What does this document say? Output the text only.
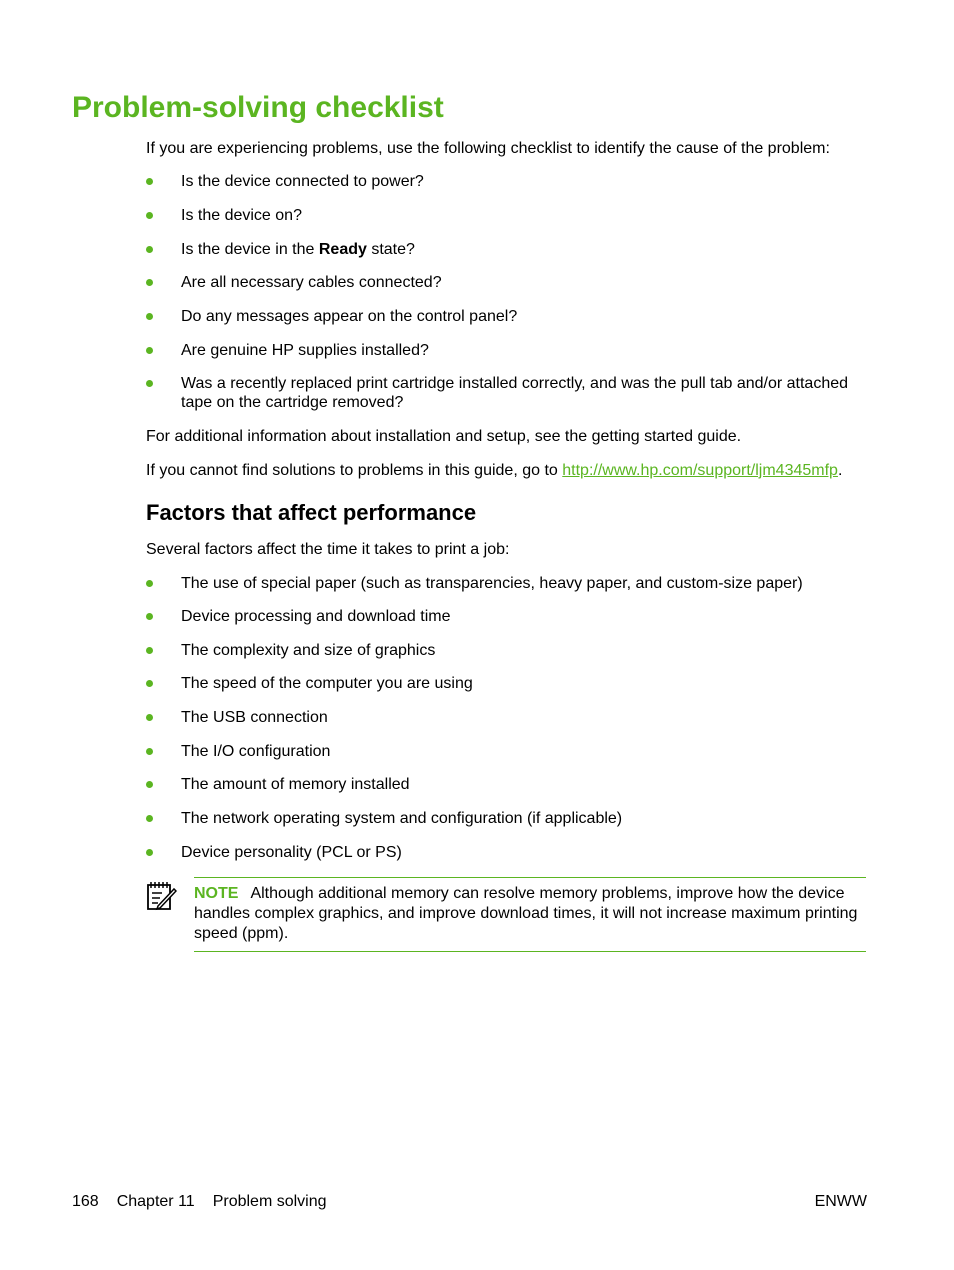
Problem-solving checklist

If you are experiencing problems, use the following checklist to identify the cause of the problem:

Is the device connected to power?
Is the device on?
Is the device in the Ready state?
Are all necessary cables connected?
Do any messages appear on the control panel?
Are genuine HP supplies installed?
Was a recently replaced print cartridge installed correctly, and was the pull tab and/or attached tape on the cartridge removed?

For additional information about installation and setup, see the getting started guide.

If you cannot find solutions to problems in this guide, go to http://www.hp.com/support/ljm4345mfp.

Factors that affect performance

Several factors affect the time it takes to print a job:

The use of special paper (such as transparencies, heavy paper, and custom-size paper)
Device processing and download time
The complexity and size of graphics
The speed of the computer you are using
The USB connection
The I/O configuration
The amount of memory installed
The network operating system and configuration (if applicable)
Device personality (PCL or PS)

NOTE Although additional memory can resolve memory problems, improve how the device handles complex graphics, and improve download times, it will not increase maximum printing speed (ppm).

168 Chapter 11 Problem solving	ENWW
